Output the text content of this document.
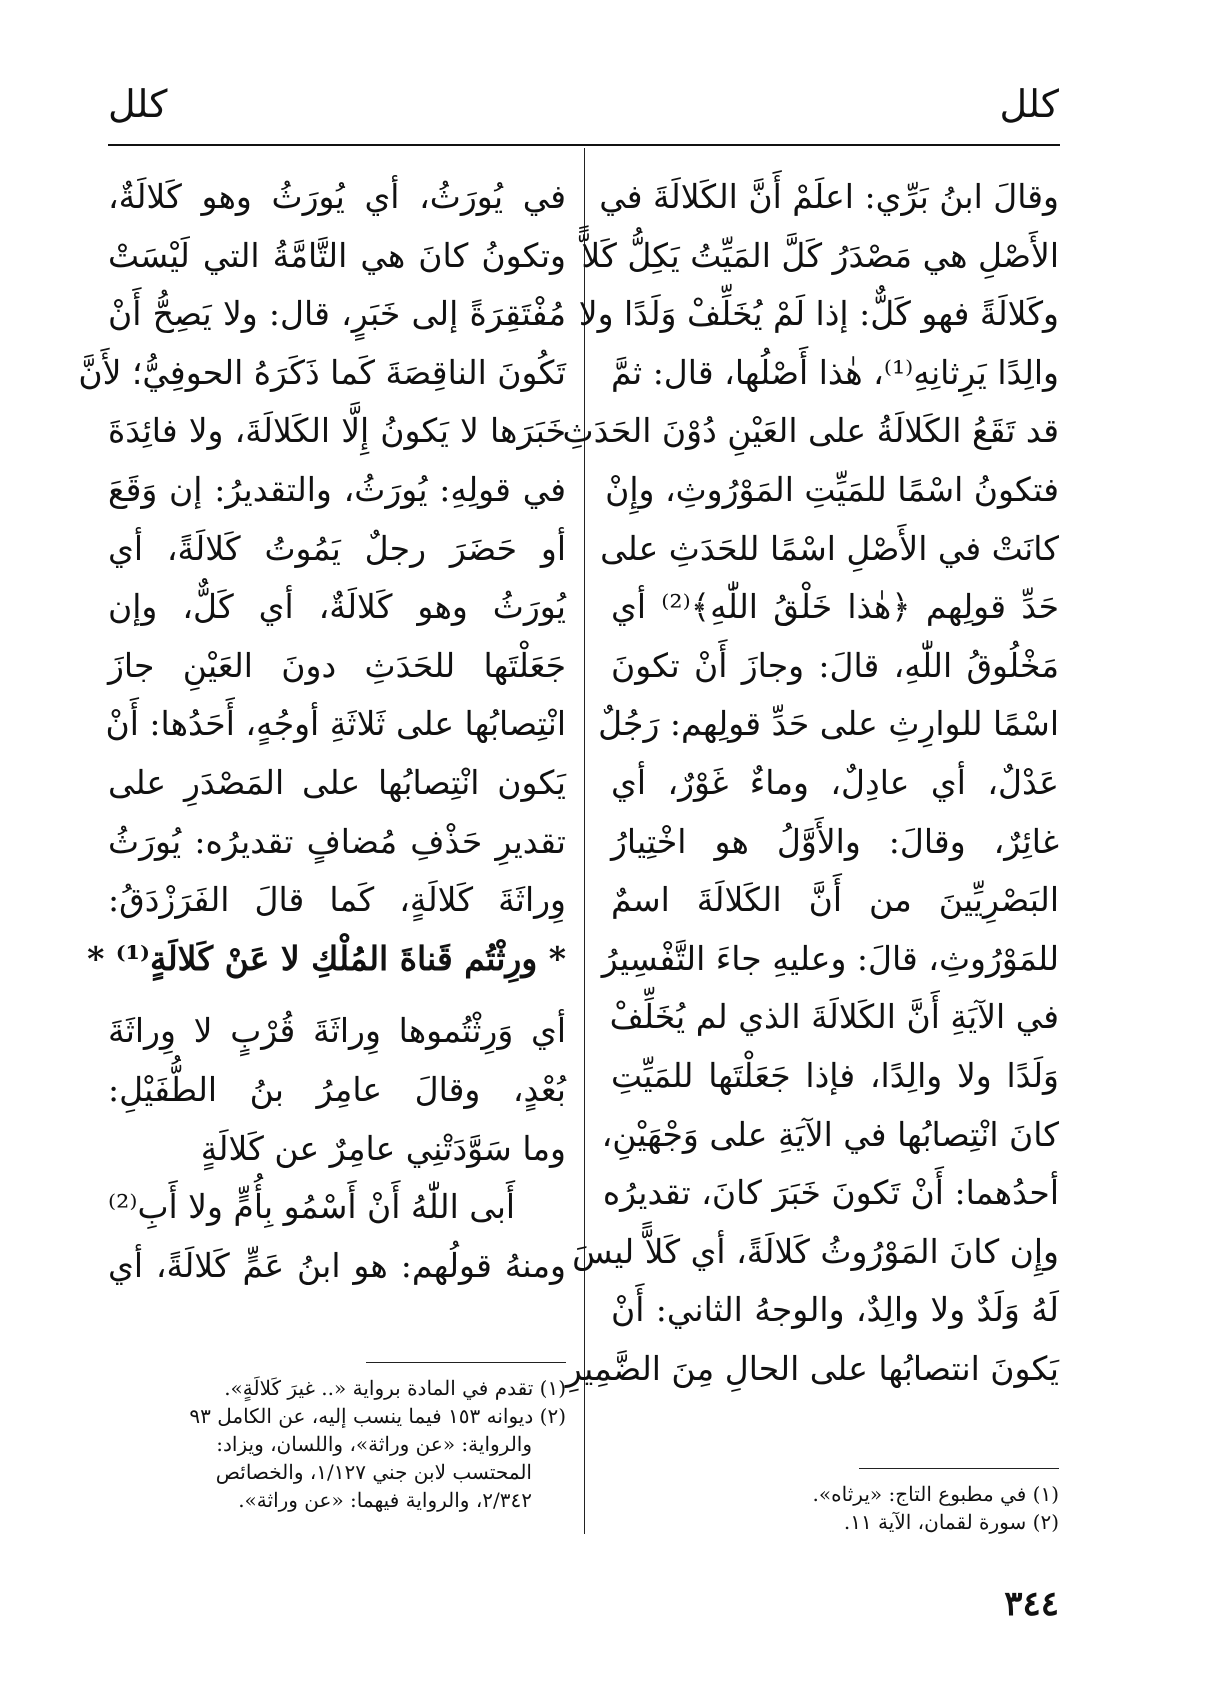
كلل
كلل
وقالَ ابنُ بَرِّي: اعلَمْ أَنَّ الكَلالَةَ في
الأَصْلِ هي مَصْدَرُ كَلَّ المَيِّتُ يَكِلُّ كَلاًّ
وكَلالَةً فهو كَلٌّ: إذا لَمْ يُخَلِّفْ وَلَدًا ولا
والِدًا يَرِثانِهِ⁽¹⁾، هٰذا أَصْلُها، قال: ثمَّ
قد تَقَعُ الكَلالَةُ على العَيْنِ دُوْنَ الحَدَثِ
فتكونُ اسْمًا للمَيِّتِ المَوْرُوثِ، وإِنْ
كانَتْ في الأَصْلِ اسْمًا للحَدَثِ على
حَدِّ قولِهم ﴿هٰذا خَلْقُ اللّٰهِ﴾⁽²⁾ أي
مَخْلُوقُ اللّٰهِ، قالَ: وجازَ أَنْ تكونَ
اسْمًا للوارِثِ على حَدِّ قولِهم: رَجُلٌ
عَدْلٌ، أي عادِلٌ، وماءٌ غَوْرٌ، أي
غائِرٌ، وقالَ: والأَوَّلُ هو اخْتِيارُ
البَصْرِيِّينَ من أَنَّ الكَلالَةَ اسمٌ
للمَوْرُوثِ، قالَ: وعليهِ جاءَ التَّفْسِيرُ
في الآيَةِ أَنَّ الكَلالَةَ الذي لم يُخَلِّفْ
وَلَدًا ولا والِدًا، فإذا جَعَلْتَها للمَيِّتِ
كانَ انْتِصابُها في الآيَةِ على وَجْهَيْنِ،
أحدُهما: أَنْ تَكونَ خَبَرَ كانَ، تقديرُه
وإِن كانَ المَوْرُوثُ كَلالَةً، أي كَلاًّ ليسَ
لَهُ وَلَدٌ ولا والِدٌ، والوجهُ الثاني: أَنْ
يَكونَ انتصابُها على الحالِ مِنَ الضَّمِيرِ
في يُورَثُ، أي يُورَثُ وهو كَلالَةٌ،
وتكونُ كانَ هي التَّامَّةُ التي لَيْسَتْ
مُفْتَقِرَةً إلى خَبَرٍ، قال: ولا يَصِحُّ أَنْ
تَكُونَ الناقِصَةَ كَما ذَكَرَهُ الحوفِيُّ؛ لأَنَّ
خَبَرَها لا يَكونُ إِلَّا الكَلالَةَ، ولا فائِدَةَ
في قولِهِ: يُورَثُ، والتقديرُ: إن وَقَعَ
أو حَضَرَ رجلٌ يَمُوتُ كَلالَةً، أي
يُورَثُ وهو كَلالَةٌ، أي كَلٌّ، وإن
جَعَلْتَها للحَدَثِ دونَ العَيْنِ جازَ
انْتِصابُها على ثَلاثَةِ أوجُهٍ، أَحَدُها: أَنْ
يَكون انْتِصابُها على المَصْدَرِ على
تقديرِ حَذْفِ مُضافٍ تقديرُه: يُورَثُ
وِراثَةَ كَلالَةٍ، كَما قالَ الفَرَزْدَقُ:
* ورِثْتُم قَناةَ المُلْكِ لا عَنْ كَلالَةٍ⁽¹⁾ *
أي وَرِثْتُموها وِراثَةَ قُرْبٍ لا وِراثَةَ
بُعْدٍ، وقالَ عامِرُ بنُ الطُّفَيْلِ:
وما سَوَّدَتْنِي عامِرٌ عن كَلالَةٍ
أَبى اللّٰهُ أَنْ أَسْمُو بِأُمٍّ ولا أَبِ⁽²⁾
ومنهُ قولُهم: هو ابنُ عَمٍّ كَلالَةً، أي
(١) تقدم في المادة برواية «.. غيرَ كَلالَةٍ».
(٢) ديوانه ١٥٣ فيما ينسب إليه، عن الكامل ٩٣
والرواية: «عن وراثة»، واللسان، ويزاد:
المحتسب لابن جني ١/١٢٧، والخصائص
٢/٣٤٢، والرواية فيهما: «عن وراثة».	(١) في مطبوع التاج: «يرثاه».
(٢) سورة لقمان، الآية ١١.
٣٤٤
